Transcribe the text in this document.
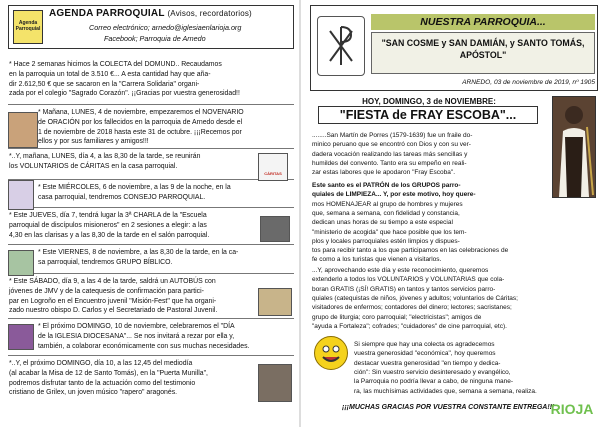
Agenda Parroquial
AGENDA PARROQUIAL (Avisos, recordatorios)
Correo electrónico; arnedo@iglesiaenlarioja.org
Facebook; Parroquia de Arnedo
* Hace 2 semanas hicimos la COLECTA del DOMUND.. Recaudamos
en la parroquia un total de 3.510 €... A esta cantidad hay que aña-
dir 2.612,50 € que se sacaron en la "Carrera Solidaria" organi-
zada por el colegio "Sagrado Corazón". ¡¡Gracias por vuestra generosidad!!
* Mañana, LUNES, 4 de noviembre, empezaremos el NOVENARIO
de ORACIÓN por los fallecidos en la parroquia de Arnedo desde el
1 de noviembre de 2018 hasta este 31 de octubre. ¡¡¡Recemos por
ellos y por sus familiares y amigos!!!
*..Y, mañana, LUNES, día 4, a las 8,30 de la tarde, se reunirán
los VOLUNTARIOS de CÁRITAS en la casa parroquial.
* Este MIÉRCOLES, 6 de noviembre, a las 9 de la noche, en la
casa parroquial, tendremos CONSEJO PARROQUIAL.
* Este JUEVES, día 7, tendrá lugar la 3ª CHARLA de la "Escuela
parroquial de discípulos misioneros" en 2 sesiones a elegir: a las
4,30 en las clarisas y a las 8,30 de la tarde en el salón parroquial.
* Este VIERNES, 8 de noviembre, a las 8,30 de la tarde, en la ca-
sa parroquial, tendremos GRUPO BÍBLICO.
* Este SÁBADO, día 9, a las 4 de la tarde, saldrá un AUTOBÚS con
jóvenes de JMV y de la catequesis de confirmación para partici-
par en Logroño en el Encuentro juvenil "Misión-Fest" que ha organi-
zado nuestro obispo D. Carlos y el Secretariado de Pastoral Juvenil.
* El próximo DOMINGO, 10 de noviembre, celebraremos el "DÍA
de la IGLESIA DIOCESANA"... Se nos invitará a rezar por ella y,
también, a colaborar económicamente con sus muchas necesidades.
*..Y, el próximo DOMINGO, día 10, a las 12,45 del mediodía
(al acabar la Misa de 12 de Santo Tomás), en la "Puerta Munilla",
podremos disfrutar tanto de la actuación como del testimonio
cristiano de Grilex, un joven músico "rapero" aragonés.
CÁRITAS
NUESTRA PARROQUIA...
"SAN COSME y SAN DAMIÁN, y SANTO TOMÁS, APÓSTOL"
ARNEDO, 03 de noviembre de 2019, nº 1905
HOY, DOMINGO, 3 de NOVIEMBRE:
"FIESTA de FRAY ESCOBA"...
........San Martín de Porres (1579-1639) fue un fraile do-
minico peruano que se encontró con Dios y con su ver-
dadera vocación realizando las tareas más sencillas y
humildes del convento. Tanto era su empeño en reali-
zar estas labores que le apodaron "Fray Escoba".
Este santo es el PATRÓN de los GRUPOS parro-
quiales de LIMPIEZA... Y, por este motivo, hoy quere-
mos HOMENAJEAR al grupo de hombres y mujeres
que, semana a semana, con fidelidad y constancia,
dedican unas horas de su tiempo a este especial
"ministerio de acogida" que hace posible que los tem-
plos y locales parroquiales estén limpios y dispues-
tos para recibir tanto a los que participamos en las celebraciones de
fe como a los turistas que vienen a visitarlos.
...Y, aprovechando este día y este reconocimiento, queremos
extenderlo a todos los VOLUNTARIOS y VOLUNTARIAS que cola-
boran GRATIS (¡SÍ! GRATIS) en tantos y tantos servicios parro-
quiales (catequistas de niños, jóvenes y adultos; voluntarios de Cáritas;
visitadores de enfermos; contadores del dinero; lectores; sacristanes;
grupo de liturgia; coro parroquial; "electricistas"; amigos de
"ayuda a Fortaleza"; cofrades; "cuidadores" de cine parroquial, etc).
Si siempre que hay una colecta os agradecemos
vuestra generosidad "económica", hoy queremos
destacar vuestra generosidad "en tiempo y dedica-
ción": Sin vuestro servicio desinteresado y evangélico,
la Parroquia no podría llevar a cabo, de ninguna mane-
ra, las muchísimas actividades que, semana a semana, realiza.
¡¡¡MUCHAS GRACIAS POR VUESTRA CONSTANTE ENTREGA!!!
RIOJA
